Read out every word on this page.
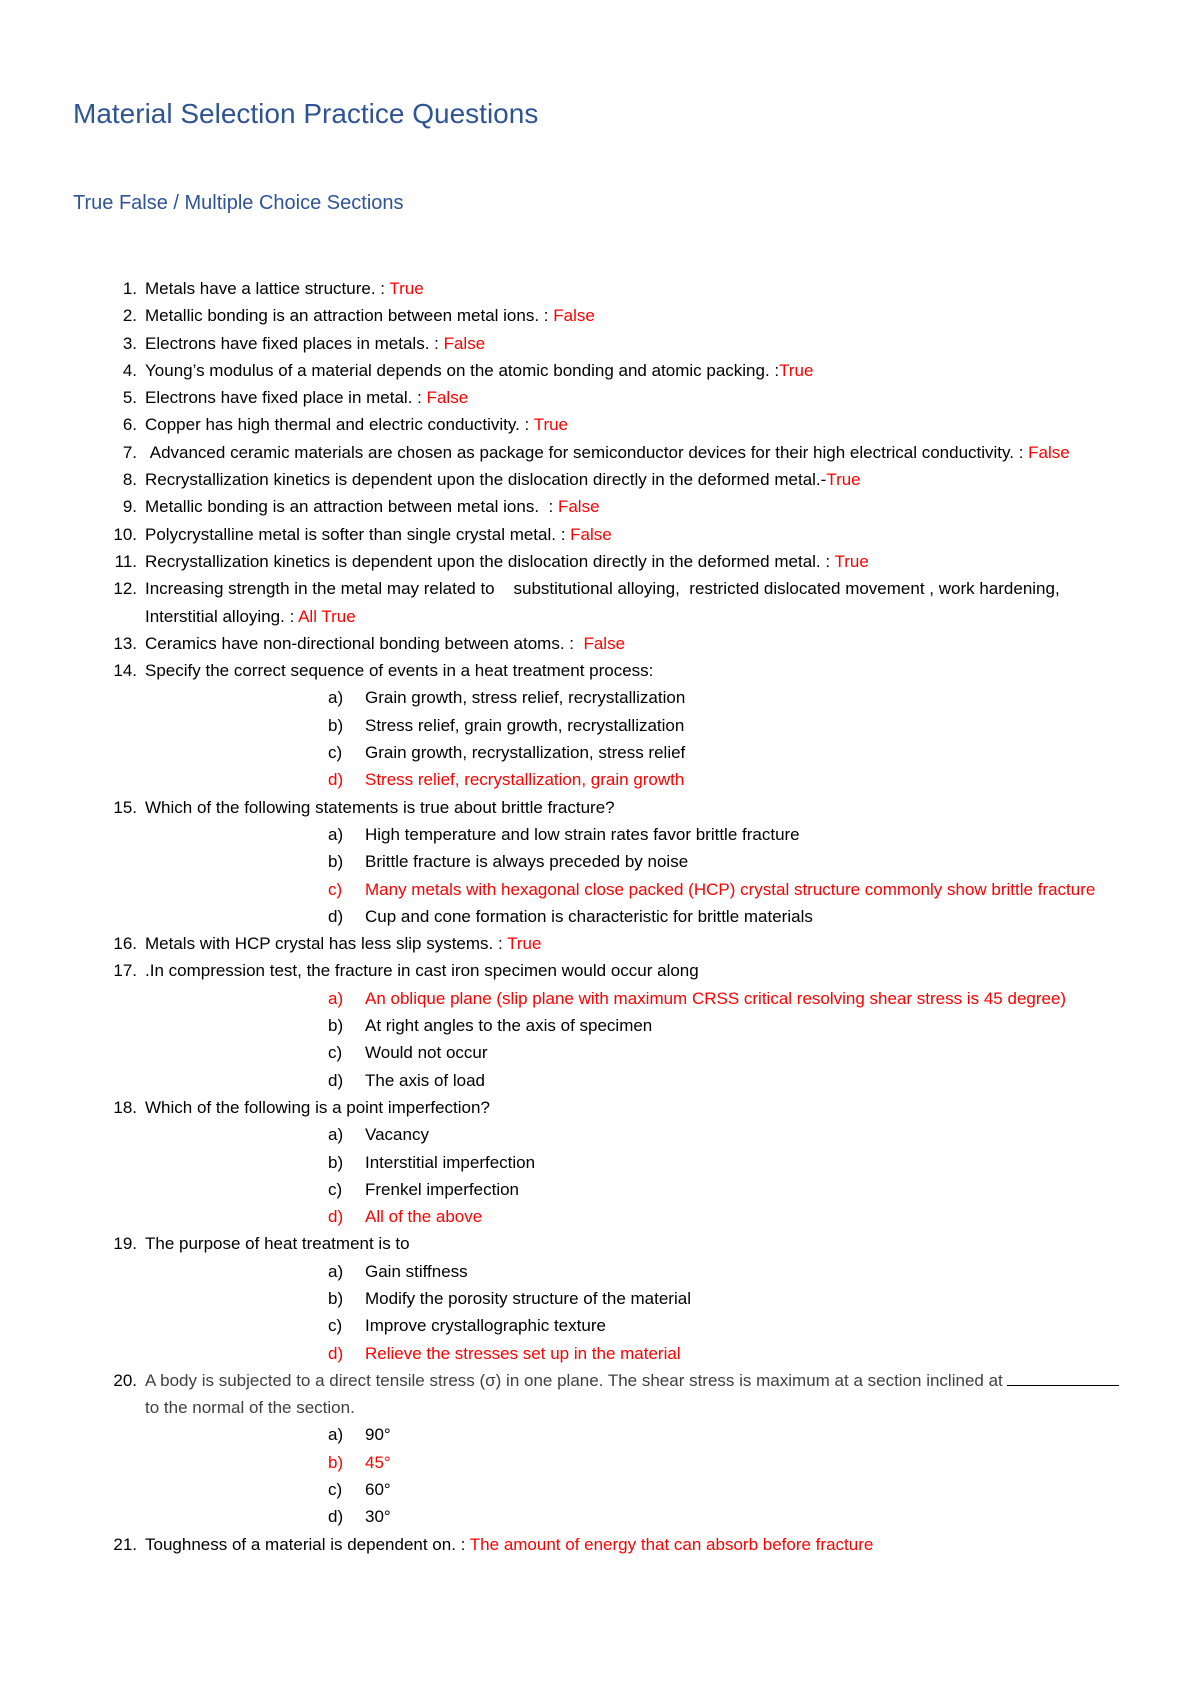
Material Selection Practice Questions
True False / Multiple Choice Sections
1. Metals have a lattice structure. : True
2. Metallic bonding is an attraction between metal ions. : False
3. Electrons have fixed places in metals. : False
4. Young’s modulus of a material depends on the atomic bonding and atomic packing. :True
5. Electrons have fixed place in metal. : False
6. Copper has high thermal and electric conductivity. : True
7. Advanced ceramic materials are chosen as package for semiconductor devices for their high electrical conductivity. : False
8. Recrystallization kinetics is dependent upon the dislocation directly in the deformed metal.-True
9. Metallic bonding is an attraction between metal ions.  : False
10. Polycrystalline metal is softer than single crystal metal. : False
11. Recrystallization kinetics is dependent upon the dislocation directly in the deformed metal. : True
12. Increasing strength in the metal may related to    substitutional alloying,  restricted dislocated movement , work hardening, Interstitial alloying. : All True
13. Ceramics have non-directional bonding between atoms. :  False
14. Specify the correct sequence of events in a heat treatment process:
a) Grain growth, stress relief, recrystallization
b) Stress relief, grain growth, recrystallization
c) Grain growth, recrystallization, stress relief
d) Stress relief, recrystallization, grain growth
15. Which of the following statements is true about brittle fracture?
a) High temperature and low strain rates favor brittle fracture
b) Brittle fracture is always preceded by noise
c) Many metals with hexagonal close packed (HCP) crystal structure commonly show brittle fracture
d) Cup and cone formation is characteristic for brittle materials
16. Metals with HCP crystal has less slip systems. : True
17. .In compression test, the fracture in cast iron specimen would occur along
a) An oblique plane (slip plane with maximum CRSS critical resolving shear stress is 45 degree)
b) At right angles to the axis of specimen
c) Would not occur
d) The axis of load
18. Which of the following is a point imperfection?
a) Vacancy
b) Interstitial imperfection
c) Frenkel imperfection
d) All of the above
19. The purpose of heat treatment is to
a) Gain stiffness
b) Modify the porosity structure of the material
c) Improve crystallographic texture
d) Relieve the stresses set up in the material
20. A body is subjected to a direct tensile stress (σ) in one plane. The shear stress is maximum at a section inclined at	to the normal of the section.
a) 90°
b) 45°
c) 60°
d) 30°
21. Toughness of a material is dependent on. : The amount of energy that can absorb before fracture
